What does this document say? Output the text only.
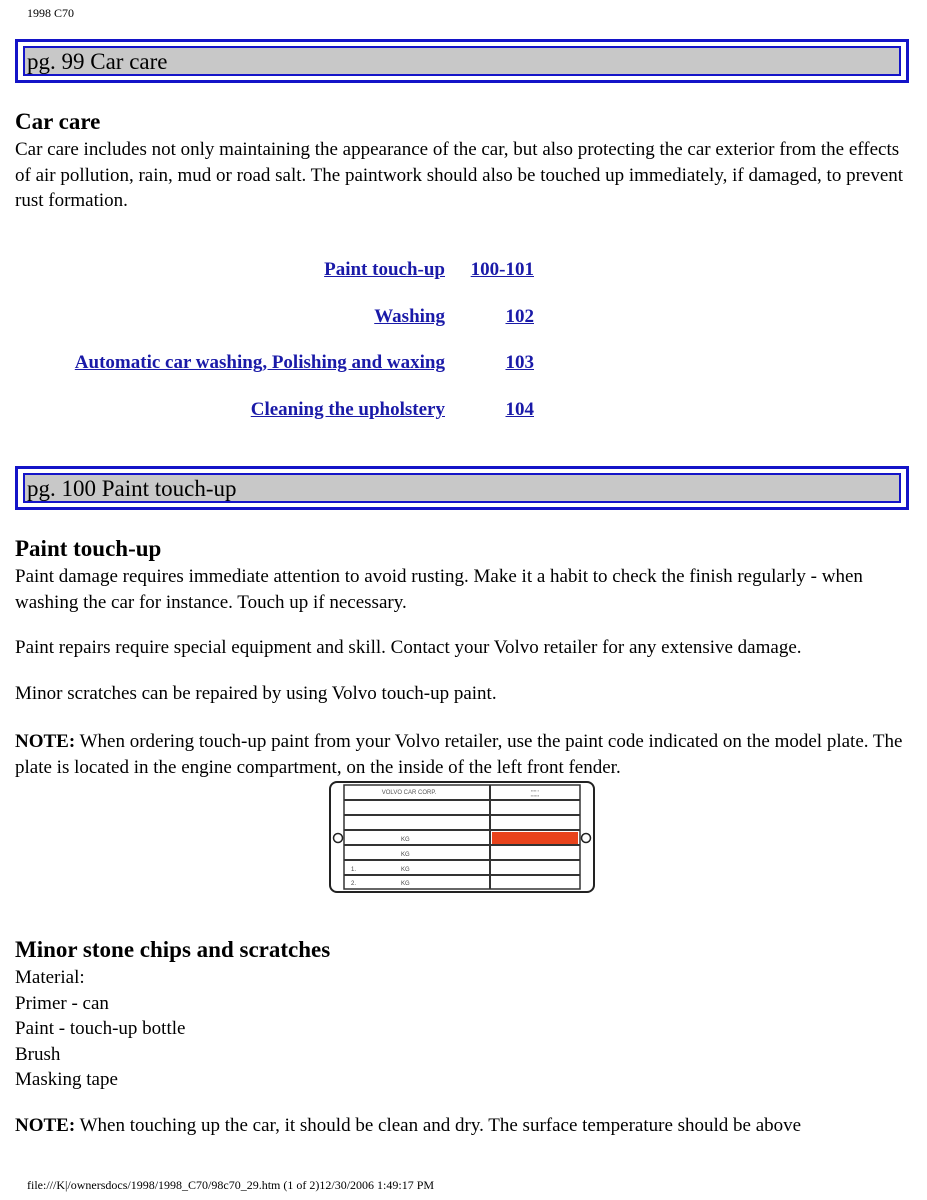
1998 C70
pg. 99 Car care
Car care

Car care includes not only maintaining the appearance of the car, but also protecting the car exterior from the effects of air pollution, rain, mud or road salt. The paintwork should also be touched up immediately, if damaged, to prevent rust formation.

Paint touch-up 100-101
Washing	102
Automatic car washing, Polishing and waxing	103
Cleaning the upholstery	104
pg. 100 Paint touch-up
Paint touch-up

Paint damage requires immediate attention to avoid rusting. Make it a habit to check the finish regularly - when washing the car for instance. Touch up if necessary.

Paint repairs require special equipment and skill. Contact your Volvo retailer for any extensive damage.

Minor scratches can be repaired by using Volvo touch-up paint.

NOTE: When ordering touch-up paint from your Volvo retailer, use the paint code indicated on the model plate. The plate is located in the engine compartment, on the inside of the left front fender.

VOLVO CAR CORP.	▪▪▪▪ ▪
▪▪▪▪▪▪
KG
KG
1.	KG
2.	KG
Minor stone chips and scratches

Material:

Primer - can

Paint - touch-up bottle

Brush

Masking tape

NOTE: When touching up the car, it should be clean and dry. The surface temperature should be above

file:///K|/ownersdocs/1998/1998_C70/98c70_29.htm (1 of 2)12/30/2006 1:49:17 PM
